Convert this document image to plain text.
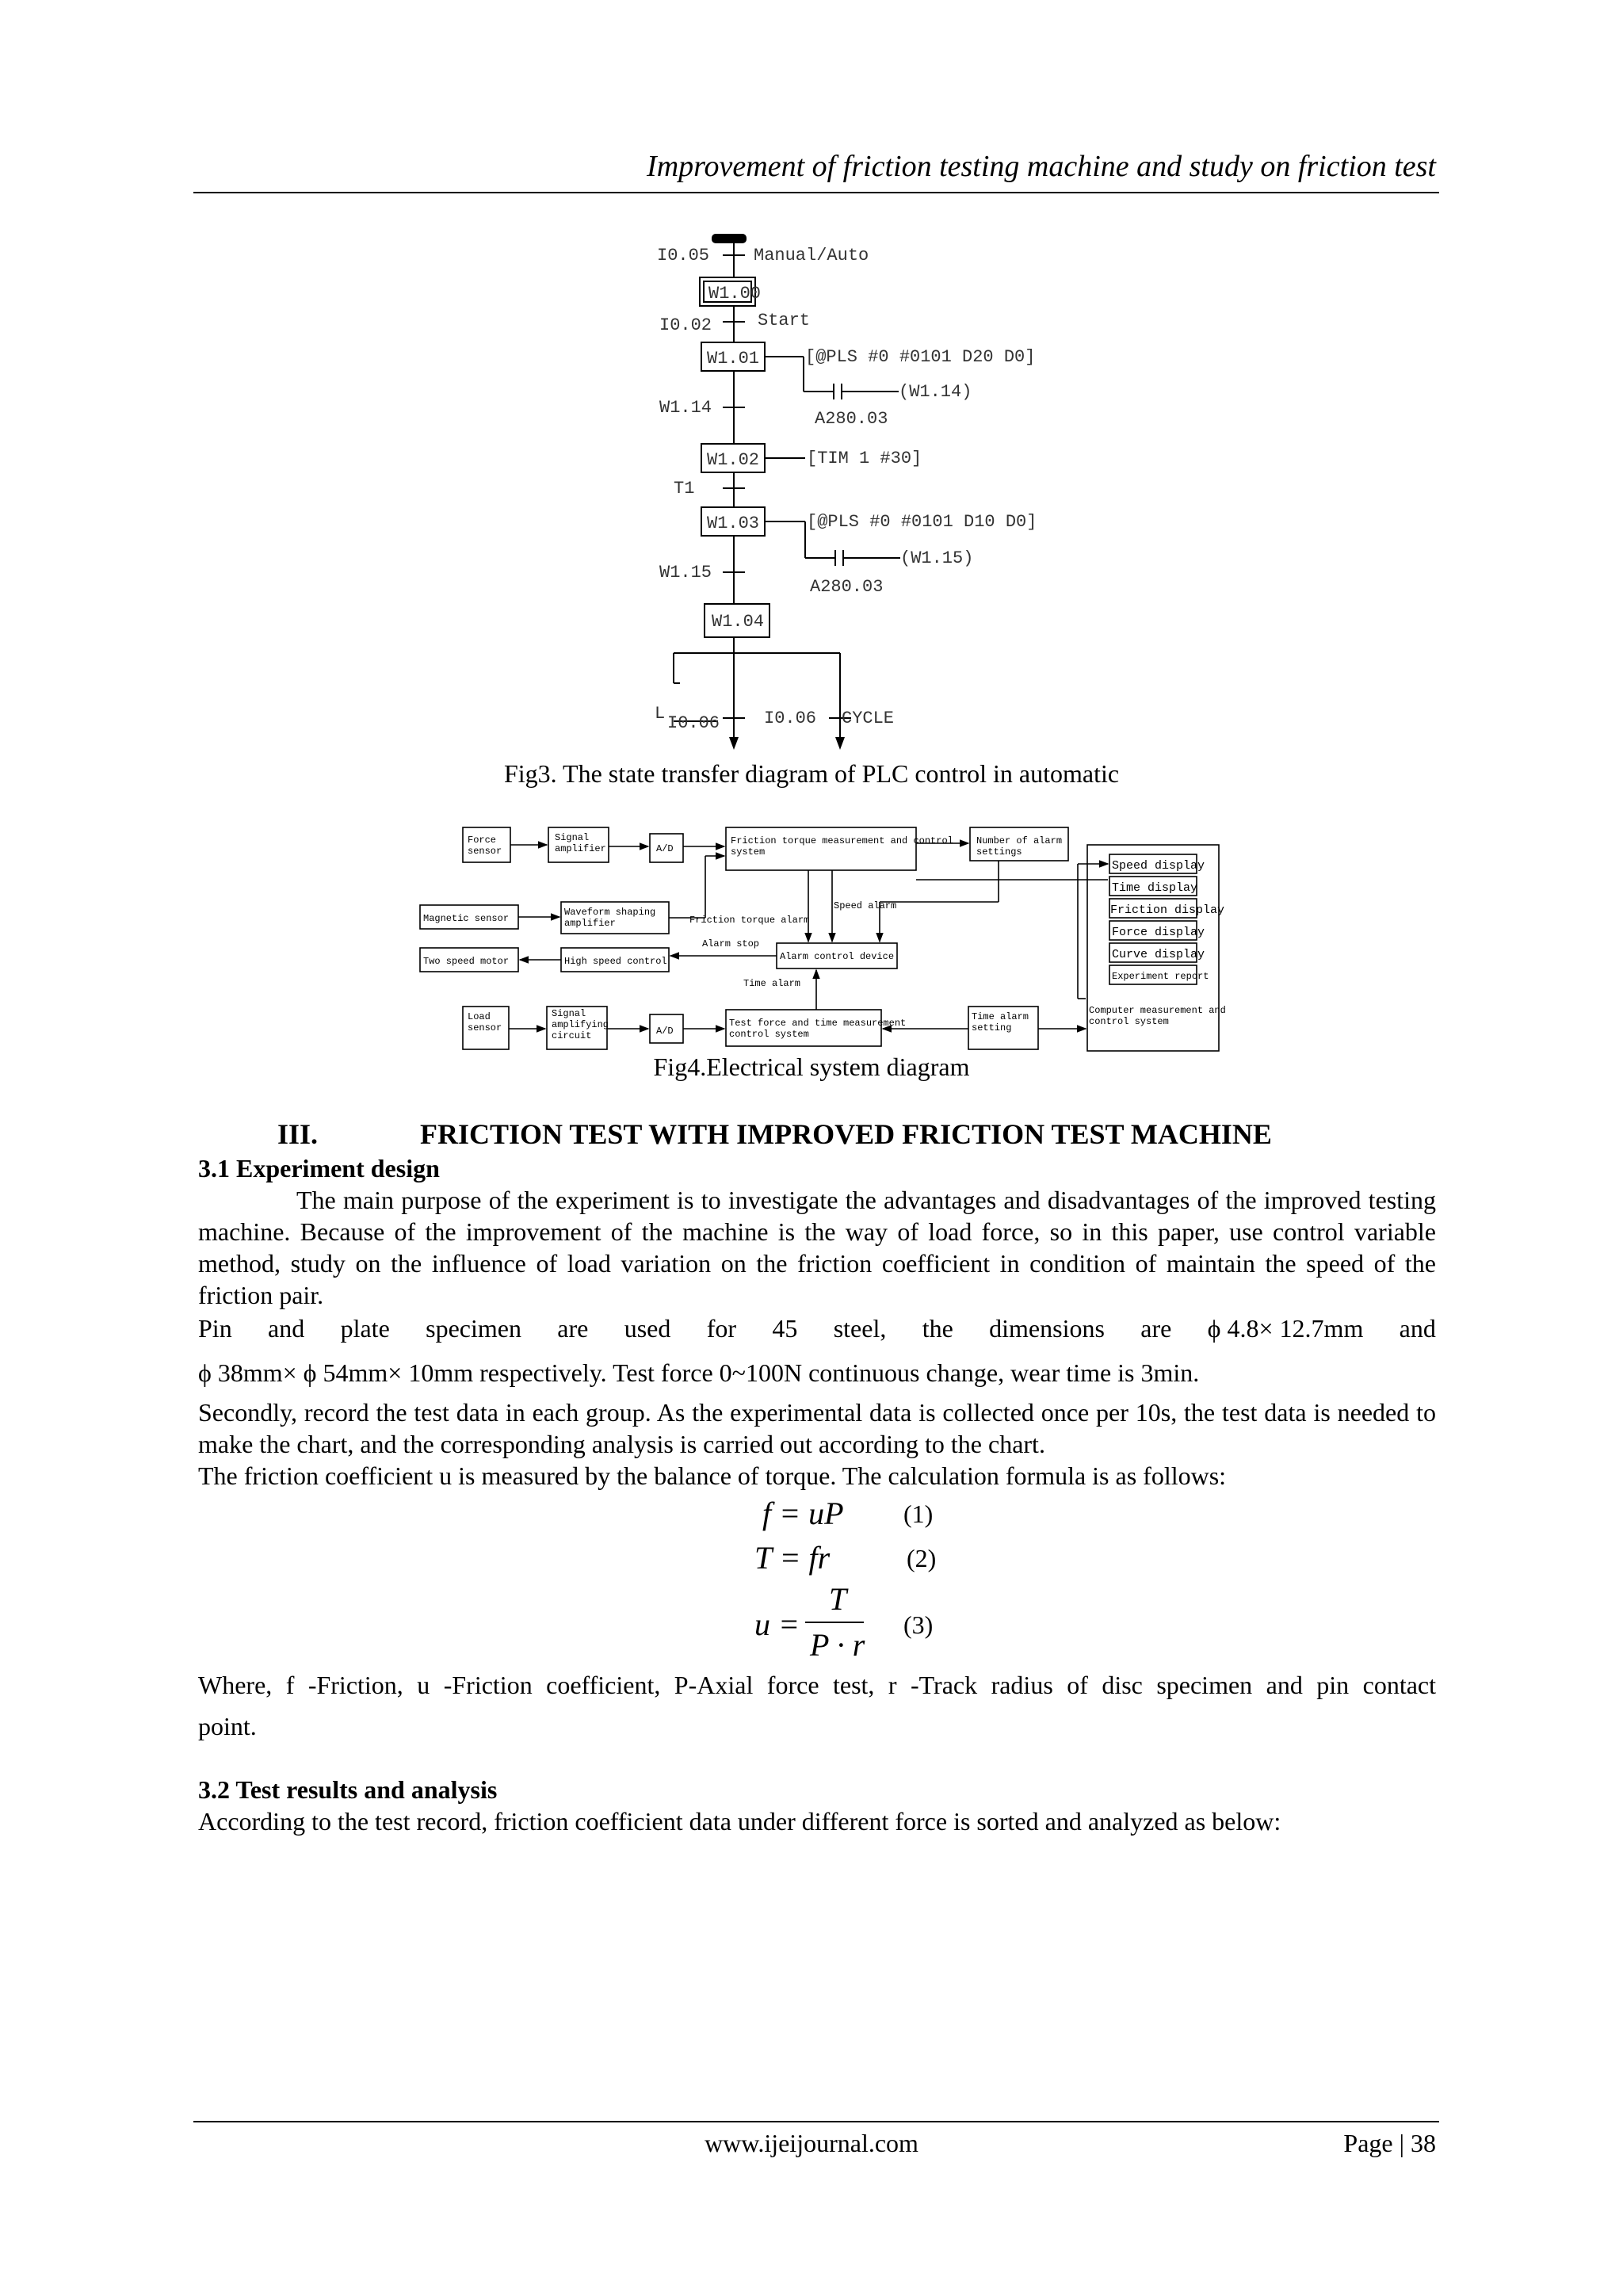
Improvement of friction testing machine and study on friction test
I0.05	Manual/Auto
W1.00
I0.02	Start
W1.01	[@PLS #0 #0101 D20 D0]
(W1.14)
W1.14
A280.03
W1.02	[TIM 1 #30]
T1
W1.03	[@PLS #0 #0101 D10 D0]
(W1.15)
W1.15
A280.03
W1.04
L I0.06	I0.06 CYCLE
Fig3. The state transfer diagram of PLC control in automatic
Force
sensor
Signal
amplifier	A/D
Friction torque measurement and control
system
Number of alarm
settings
Magnetic sensor
Waveform shaping
amplifier
Two speed motor	High speed control	Alarm control device
Load
sensor
Signal
amplifying
circuit	A/D
Test force and time measurement
control system
Time alarm
setting
Computer measurement and
control system
Friction torque alarm
Speed alarm
Alarm stop
Time alarm
Speed display
Time display
Friction display
Force display
Curve display
Experiment report
Fig4.Electrical system diagram
III.	FRICTION TEST WITH IMPROVED FRICTION TEST MACHINE
3.1 Experiment design
The main purpose of the experiment is to investigate the advantages and disadvantages of the improved testing machine. Because of the improvement of the machine is the way of load force, so in this paper, use control variable method, study on the influence of load variation on the friction coefficient in condition of maintain the speed of the friction pair.
Pin and plate specimen are used for 45 steel, the dimensions are ϕ 4.8× 12.7mm and
ϕ 38mm× ϕ 54mm× 10mm respectively. Test force 0~100N continuous change, wear time is 3min.
Secondly, record the test data in each group. As the experimental data is collected once per 10s, the test data is needed to make the chart, and the corresponding analysis is carried out according to the chart.
The friction coefficient u is measured by the balance of torque. The calculation formula is as follows:
f = uP (1)
T = fr	(2)
u =
T
P · r
(3)
Where, f -Friction, u -Friction coefficient, P-Axial force test, r -Track radius of disc specimen and pin contact
point.
3.2 Test results and analysis
According to the test record, friction coefficient data under different force is sorted and analyzed as below:
www.ijeijournal.com	Page | 38
